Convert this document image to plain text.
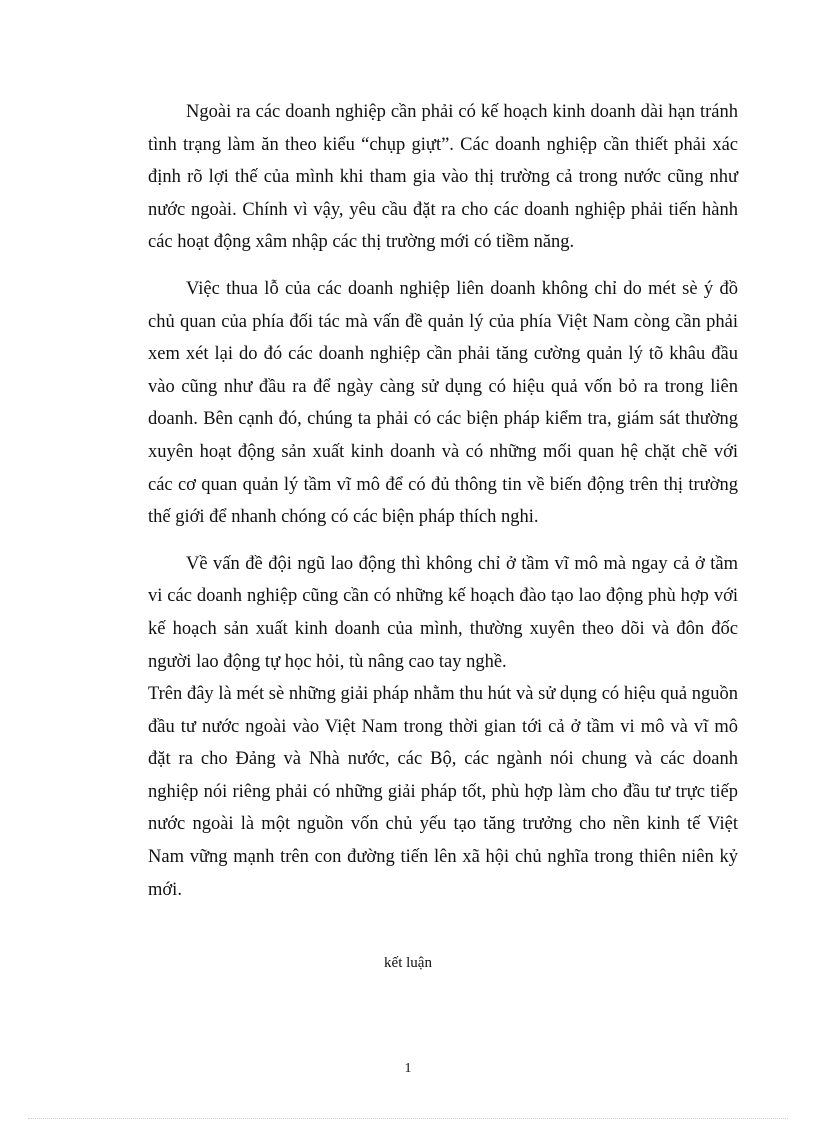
Ngoài ra các doanh nghiệp cần phải có kế hoạch kinh doanh dài hạn tránh tình trạng làm ăn theo kiểu “chụp giựt”. Các doanh nghiệp cần thiết phải xác định rõ lợi thế của mình khi tham gia vào thị trường cả trong nước cũng như nước ngoài. Chính vì vậy, yêu cầu đặt ra cho các doanh nghiệp phải tiến hành các hoạt động xâm nhập các thị trường mới có tiềm năng.

Việc thua lỗ của các doanh nghiệp liên doanh không chỉ do mét sè ý đồ chủ quan của phía đối tác mà vấn đề quản lý của phía Việt Nam còng cần phải xem xét lại do đó các doanh nghiệp cần phải tăng cường quản lý tõ khâu đầu vào cũng như đầu ra để ngày càng sử dụng có hiệu quả vốn bỏ ra trong liên doanh. Bên cạnh đó, chúng ta phải có các biện pháp kiểm tra, giám sát thường xuyên hoạt động sản xuất kinh doanh và có những mối quan hệ chặt chẽ với các cơ quan quản lý tầm vĩ mô để có đủ thông tin về biến động trên thị trường thế giới để nhanh chóng có các biện pháp thích nghi.

Về vấn đề đội ngũ lao động thì không chỉ ở tầm vĩ mô mà ngay cả ở tầm vi các doanh nghiệp cũng cần có những kế hoạch đào tạo lao động phù hợp với kế hoạch sản xuất kinh doanh của mình, thường xuyên theo dõi và đôn đốc người lao động tự học hỏi, tù nâng cao tay nghề.

Trên đây là mét sè những giải pháp nhằm thu hút và sử dụng có hiệu quả nguồn đầu tư nước ngoài vào Việt Nam trong thời gian tới cả ở tầm vi mô và vĩ mô đặt ra cho Đảng và Nhà nước, các Bộ, các ngành nói chung và các doanh nghiệp nói riêng phải có những giải pháp tốt, phù hợp làm cho đầu tư trực tiếp nước ngoài là một nguồn vốn chủ yếu tạo tăng trưởng cho nền kinh tế Việt Nam vững mạnh trên con đường tiến lên xã hội chủ nghĩa trong thiên niên kỷ mới.

kết luận
1
